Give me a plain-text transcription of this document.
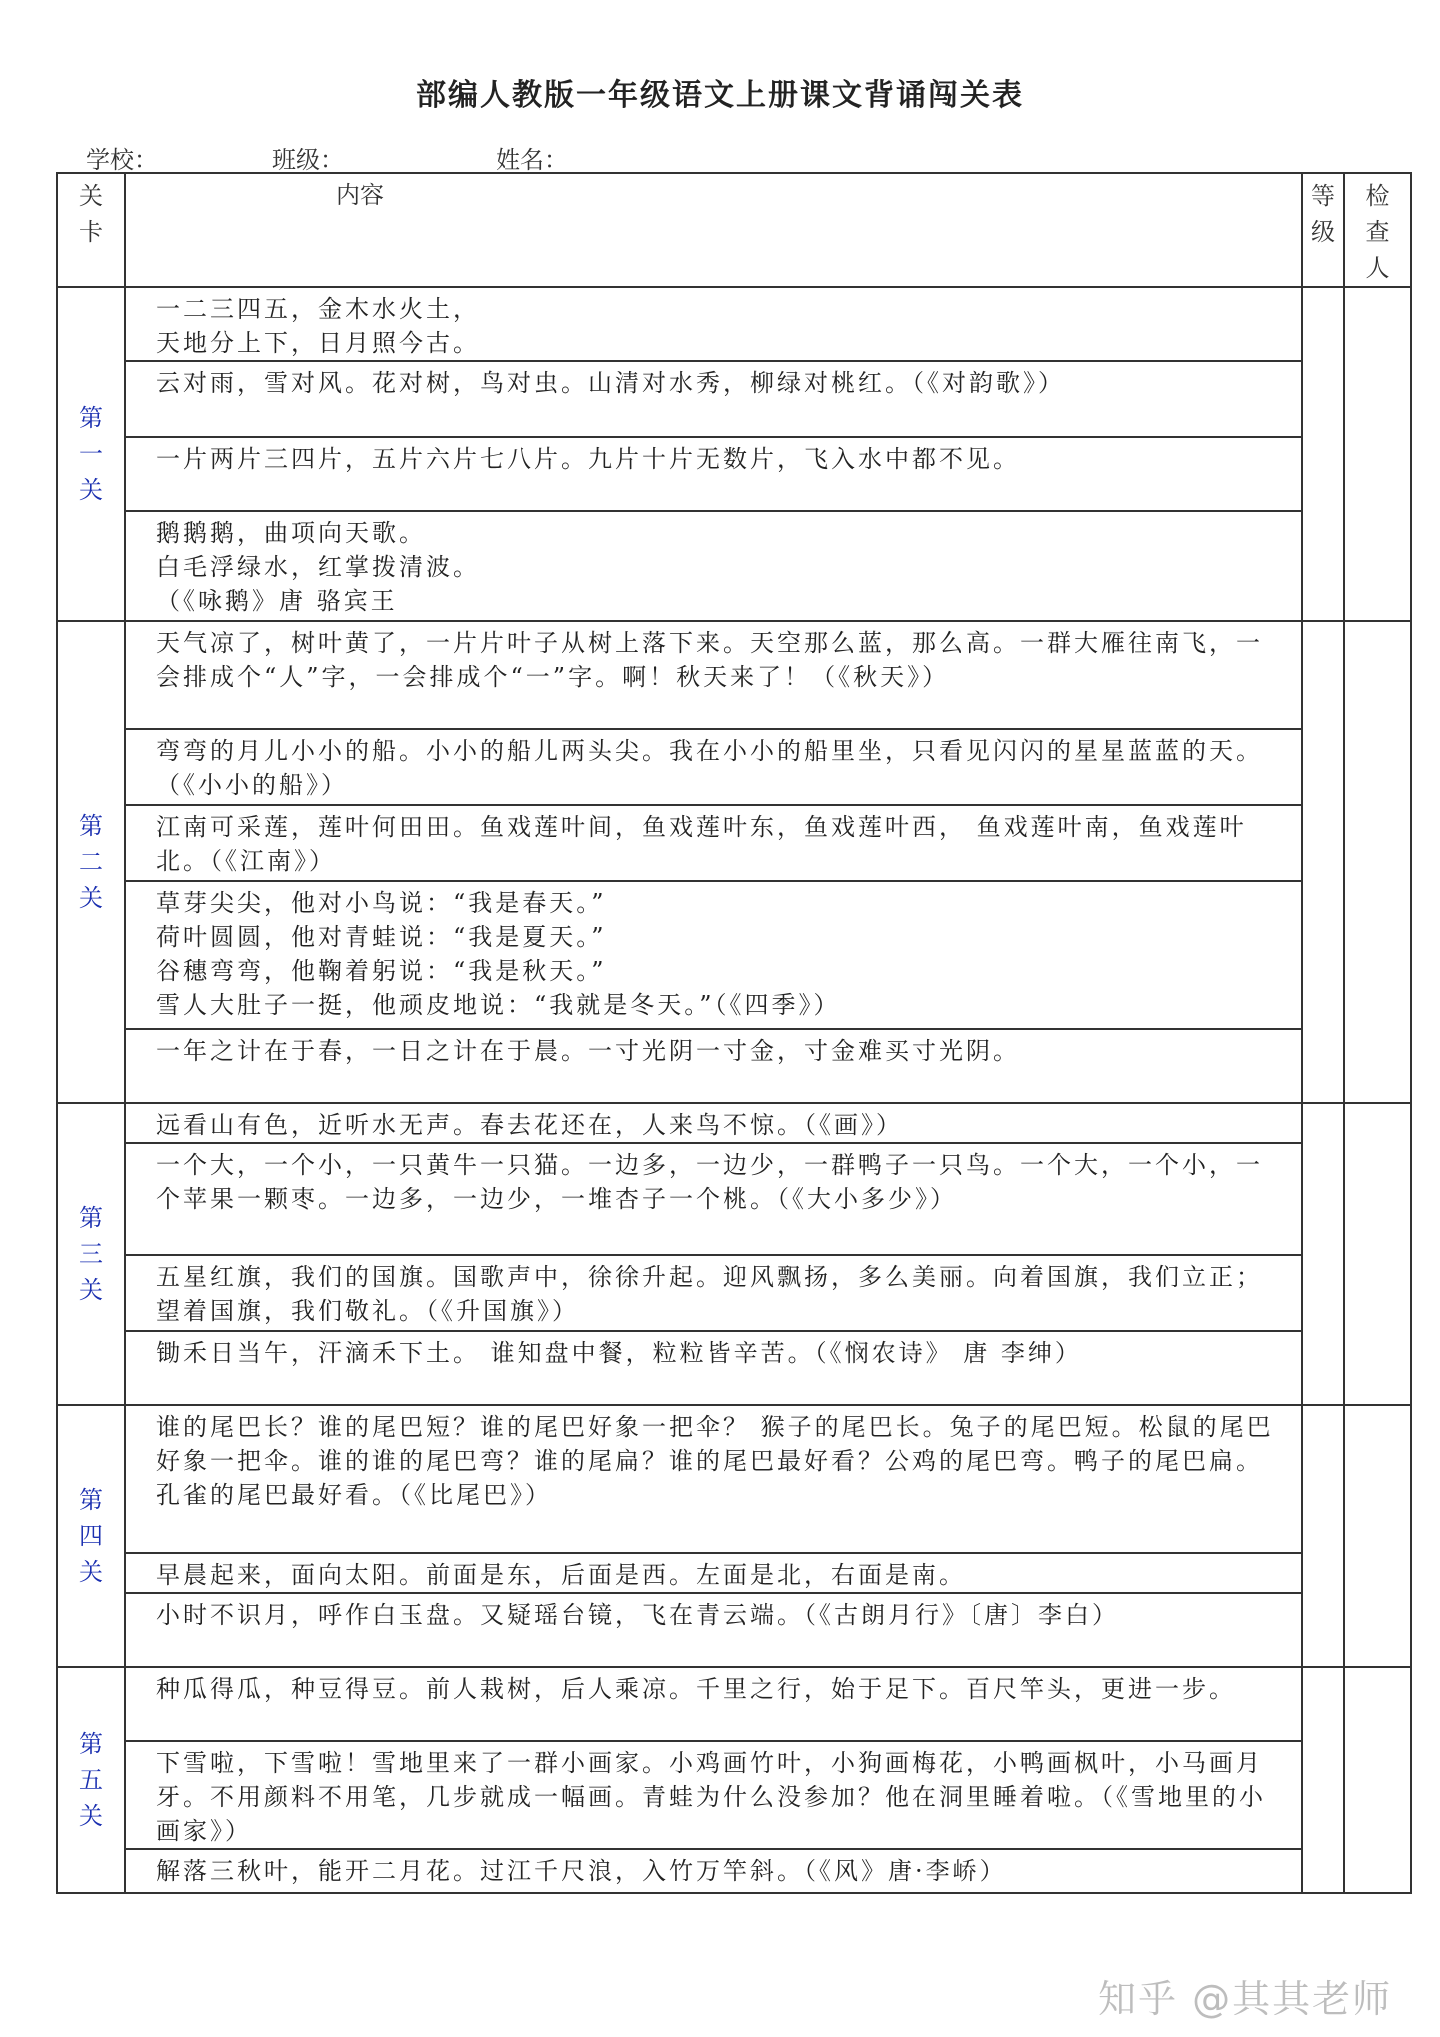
部编人教版一年级语文上册课文背诵闯关表
学校：	班级：	姓名：
关卡	内容	等级	检查人
第一关	一二三四五，金木水火土，
天地分上下，日月照今古。		

	云对雨，雪对风。花对树，鸟对虫。山清对水秀，柳绿对桃红。（《对韵歌》）		

	一片两片三四片，五片六片七八片。九片十片无数片，飞入水中都不见。		

	鹅鹅鹅，曲项向天歌。
白毛浮绿水，红掌拨清波。
（《咏鹅》唐 骆宾王		

第二关	天气凉了，树叶黄了，一片片叶子从树上落下来。天空那么蓝，那么高。一群大雁往南飞，一会排成个“人”字，一会排成个“一”字。啊！秋天来了！（《秋天》）		

	弯弯的月儿小小的船。小小的船儿两头尖。我在小小的船里坐，只看见闪闪的星星蓝蓝的天。（《小小的船》）		

	江南可采莲，莲叶何田田。鱼戏莲叶间，鱼戏莲叶东，鱼戏莲叶西， 鱼戏莲叶南，鱼戏莲叶北。（《江南》）		

	草芽尖尖，他对小鸟说：“我是春天。”
荷叶圆圆，他对青蛙说：“我是夏天。”
谷穗弯弯，他鞠着躬说：“我是秋天。”
雪人大肚子一挺，他顽皮地说：“我就是冬天。”（《四季》）		

	一年之计在于春，一日之计在于晨。一寸光阴一寸金，寸金难买寸光阴。		

第三关	远看山有色，近听水无声。春去花还在，人来鸟不惊。（《画》）		

	一个大，一个小，一只黄牛一只猫。一边多，一边少，一群鸭子一只鸟。一个大，一个小，一个苹果一颗枣。一边多，一边少，一堆杏子一个桃。（《大小多少》）		

	五星红旗，我们的国旗。国歌声中，徐徐升起。迎风飘扬，多么美丽。向着国旗，我们立正；望着国旗，我们敬礼。（《升国旗》）		

	锄禾日当午，汗滴禾下土。 谁知盘中餐，粒粒皆辛苦。（《悯农诗》 唐 李绅）		

第四关	谁的尾巴长？谁的尾巴短？谁的尾巴好象一把伞？ 猴子的尾巴长。兔子的尾巴短。松鼠的尾巴好象一把伞。谁的谁的尾巴弯？谁的尾扁？谁的尾巴最好看？公鸡的尾巴弯。鸭子的尾巴扁。孔雀的尾巴最好看。（《比尾巴》）		

	早晨起来，面向太阳。前面是东，后面是西。左面是北，右面是南。		

	小时不识月，呼作白玉盘。又疑瑶台镜，飞在青云端。（《古朗月行》〔唐〕李白）		

第五关	种瓜得瓜，种豆得豆。前人栽树，后人乘凉。千里之行，始于足下。百尺竿头，更进一步。		

	下雪啦，下雪啦！雪地里来了一群小画家。小鸡画竹叶，小狗画梅花，小鸭画枫叶，小马画月牙。不用颜料不用笔，几步就成一幅画。青蛙为什么没参加？他在洞里睡着啦。（《雪地里的小画家》）		

	解落三秋叶，能开二月花。过江千尺浪，入竹万竿斜。（《风》唐·李峤）		
知乎 @其其老师
